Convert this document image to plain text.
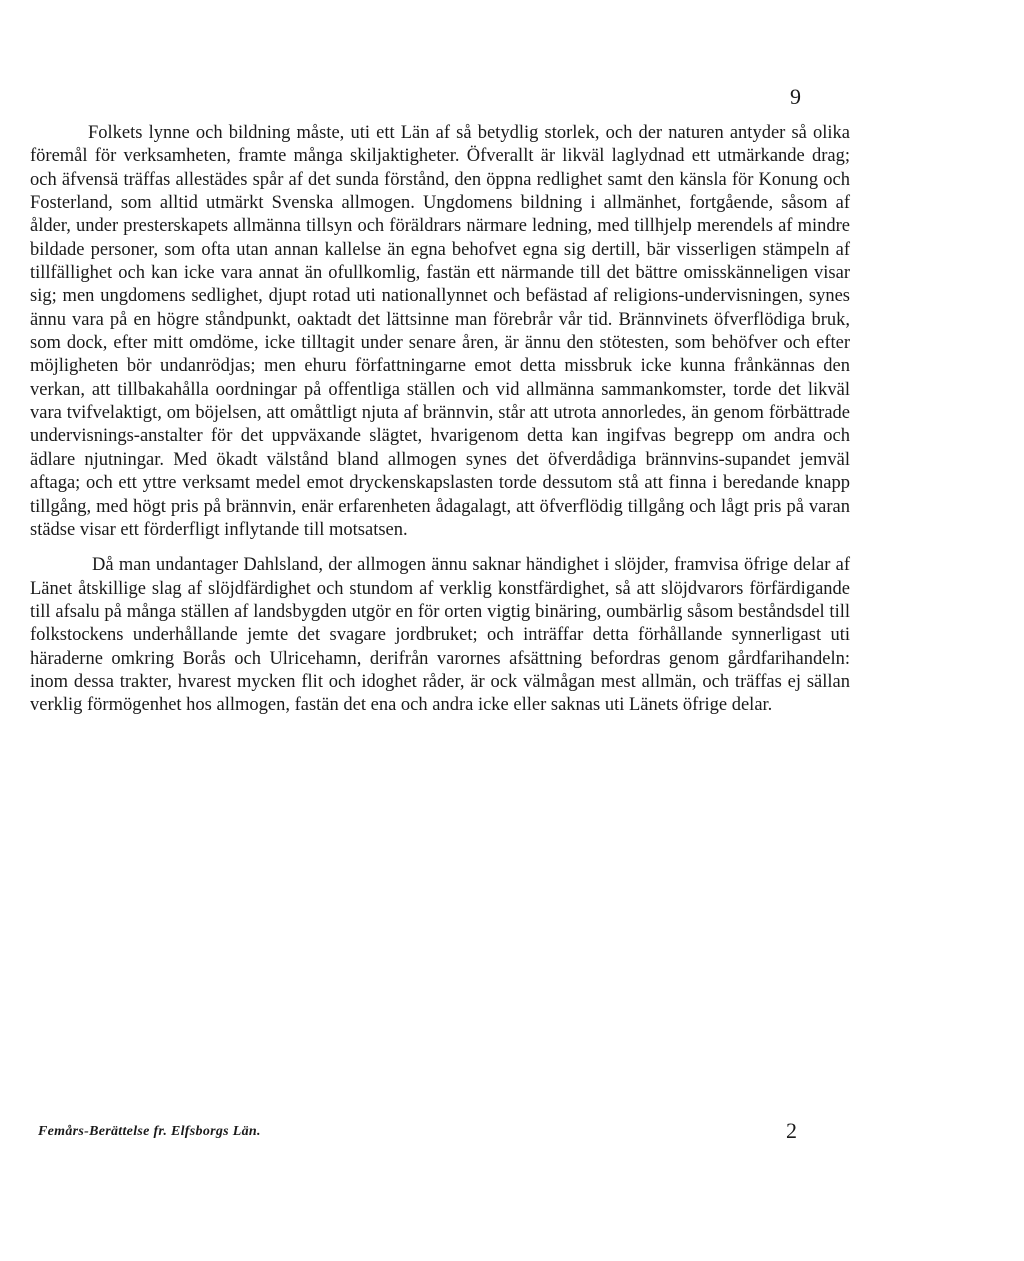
9

Folkets lynne och bildning måste, uti ett Län af så betydlig storlek, och der naturen antyder så olika föremål för verksamheten, framte många skiljaktigheter. Öfverallt är likväl laglydnad ett utmärkande drag; och äfvensä träffas allestädes spår af det sunda förstånd, den öppna redlighet samt den känsla för Konung och Fosterland, som alltid utmärkt Svenska allmogen. Ungdomens bildning i allmänhet, fortgående, såsom af ålder, under presterskapets allmänna tillsyn och föräldrars närmare ledning, med tillhjelp merendels af mindre bildade personer, som ofta utan annan kallelse än egna behofvet egna sig dertill, bär visserligen stämpeln af tillfällighet och kan icke vara annat än ofullkomlig, fastän ett närmande till det bättre omisskänneligen visar sig; men ungdomens sedlighet, djupt rotad uti nationallynnet och befästad af religions-undervisningen, synes ännu vara på en högre ståndpunkt, oaktadt det lättsinne man förebrår vår tid. Brännvinets öfverflödiga bruk, som dock, efter mitt omdöme, icke tilltagit under senare åren, är ännu den stötesten, som behöfver och efter möjligheten bör undanrödjas; men ehuru författningarne emot detta missbruk icke kunna frånkännas den verkan, att tillbakahålla oordningar på offentliga ställen och vid allmänna sammankomster, torde det likväl vara tvifvelaktigt, om böjelsen, att omåttligt njuta af brännvin, står att utrota annorledes, än genom förbättrade undervisnings-anstalter för det uppväxande slägtet, hvarigenom detta kan ingifvas begrepp om andra och ädlare njutningar. Med ökadt välstånd bland allmogen synes det öfverdådiga brännvins-supandet jemväl aftaga; och ett yttre verksamt medel emot dryckenskapslasten torde dessutom stå att finna i beredande knapp tillgång, med högt pris på brännvin, enär erfarenheten ådagalagt, att öfverflödig tillgång och lågt pris på varan städse visar ett förderfligt inflytande till motsatsen.

Då man undantager Dahlsland, der allmogen ännu saknar händighet i slöjder, framvisa öfrige delar af Länet åtskillige slag af slöjdfärdighet och stundom af verklig konstfärdighet, så att slöjdvarors förfärdigande till afsalu på många ställen af landsbygden utgör en för orten vigtig binäring, oumbärlig såsom beståndsdel till folkstockens underhållande jemte det svagare jordbruket; och inträffar detta förhållande synnerligast uti häraderne omkring Borås och Ulricehamn, derifrån varornes afsättning befordras genom gårdfarihandeln: inom dessa trakter, hvarest mycken flit och idoghet råder, är ock välmågan mest allmän, och träffas ej sällan verklig förmögenhet hos allmogen, fastän det ena och andra icke eller saknas uti Länets öfrige delar.

Femårs-Berättelse fr. Elfsborgs Län.	2
